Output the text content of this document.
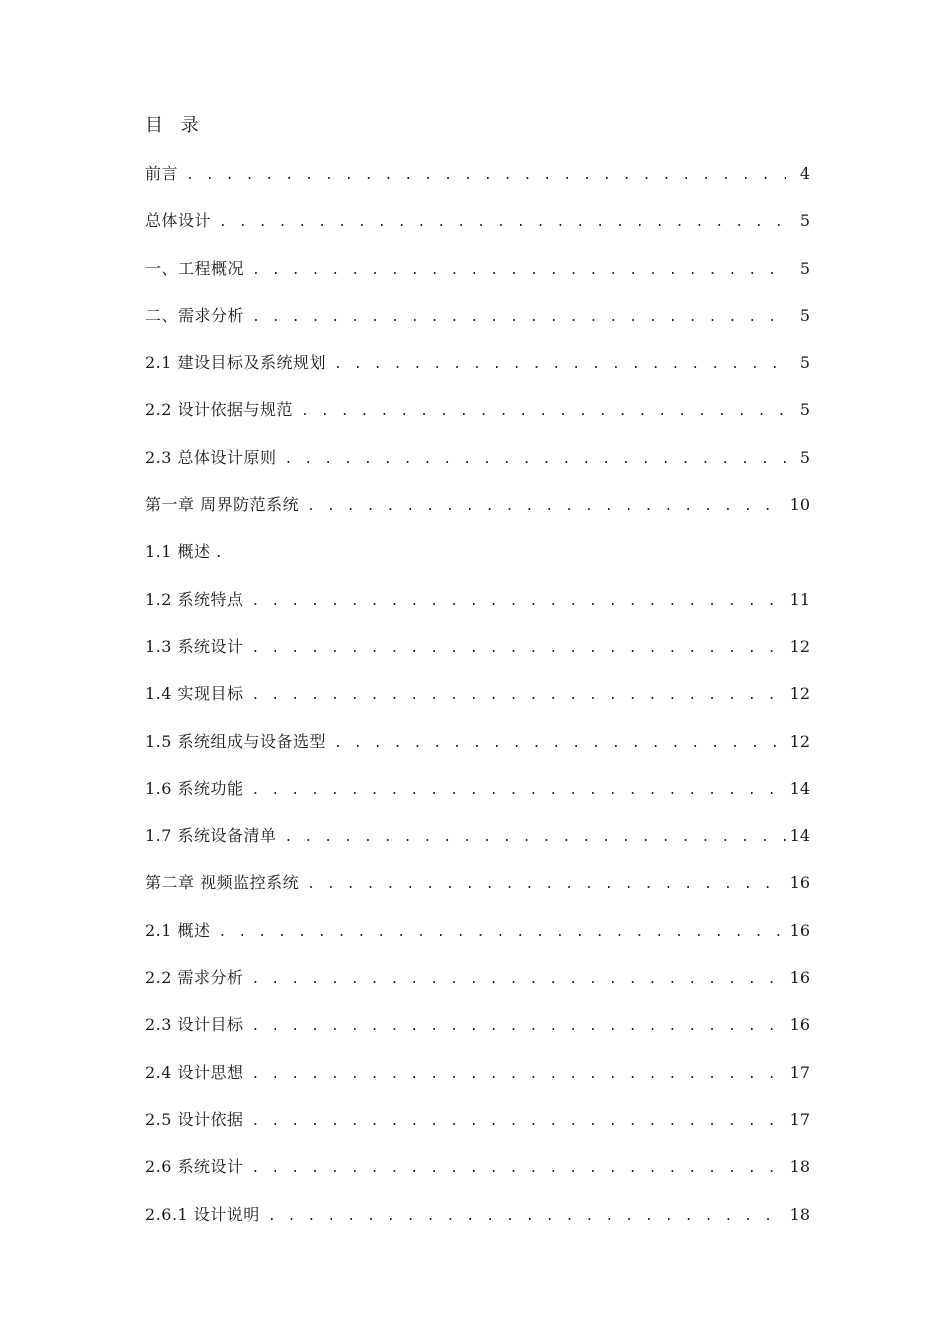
目 录
前言 . . .	4
总体设计 . . .	5
一、工程概况 . . .	5
二、需求分析 . . .	5
2.1 建设目标及系统规划 . . .	5
2.2 设计依据与规范 . . .	5
2.3 总体设计原则 . . .	5
第一章 周界防范系统 . . .	10
1.1 概述 .
1.2 系统特点 . . .	11
1.3 系统设计 . . .	12
1.4 实现目标 . . .	12
1.5 系统组成与设备选型 . . .	12
1.6 系统功能 . . .	14
1.7 系统设备清单 . . .	14
第二章 视频监控系统 . . .	16
2.1 概述 . . .	16
2.2 需求分析 . . .	16
2.3 设计目标 . . .	16
2.4 设计思想 . . .	17
2.5 设计依据 . . .	17
2.6 系统设计 . . .	18
2.6.1 设计说明 . . .	18
